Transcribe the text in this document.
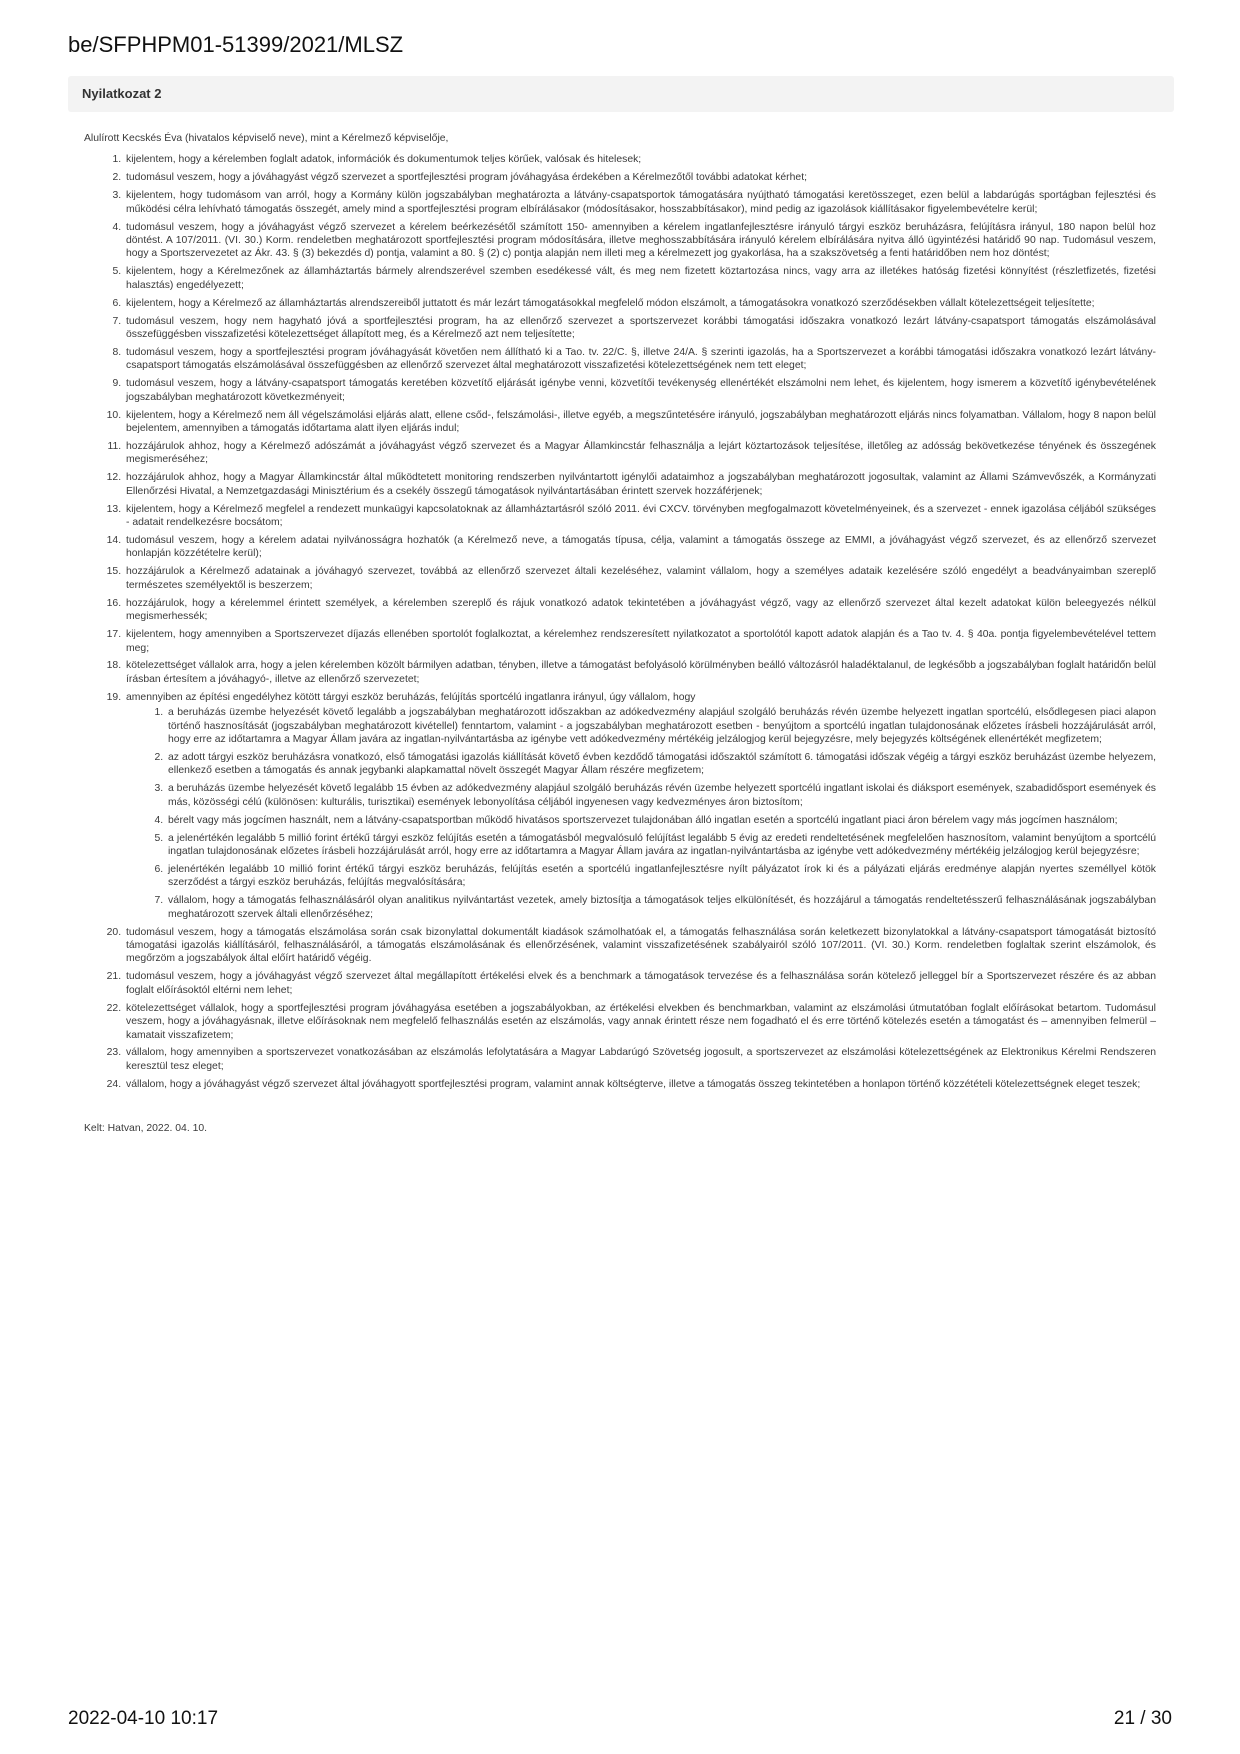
be/SFPHPM01-51399/2021/MLSZ
Nyilatkozat 2

Alulírott Kecskés Éva (hivatalos képviselő neve), mint a Kérelmező képviselője,

1. kijelentem, hogy a kérelemben foglalt adatok, információk és dokumentumok teljes körűek, valósak és hitelesek;
2. tudomásul veszem, hogy a jóváhagyást végző szervezet a sportfejlesztési program jóváhagyása érdekében a Kérelmezőtől további adatokat kérhet;
3. kijelentem, hogy tudomásom van arról, hogy a Kormány külön jogszabályban meghatározta a látvány-csapatsportok támogatására nyújtható támogatási keretösszeget, ezen belül a labdarúgás sportágban fejlesztési és működési célra lehívható támogatás összegét, amely mind a sportfejlesztési program elbírálásakor (módosításakor, hosszabbításakor), mind pedig az igazolások kiállításakor figyelembevételre kerül;
4. tudomásul veszem, hogy a jóváhagyást végző szervezet a kérelem beérkezésétől számított 150- amennyiben a kérelem ingatlanfejlesztésre irányuló tárgyi eszköz beruházásra, felújításra irányul, 180 napon belül hoz döntést. A 107/2011. (VI. 30.) Korm. rendeletben meghatározott sportfejlesztési program módosítására, illetve meghosszabbítására irányuló kérelem elbírálására nyitva álló ügyintézési határidő 90 nap. Tudomásul veszem, hogy a Sportszervezetet az Ákr. 43. § (3) bekezdés d) pontja, valamint a 80. § (2) c) pontja alapján nem illeti meg a kérelmezett jog gyakorlása, ha a szakszövetség a fenti határidőben nem hoz döntést;
5. kijelentem, hogy a Kérelmezőnek az államháztartás bármely alrendszerével szemben esedékessé vált, és meg nem fizetett köztartozása nincs, vagy arra az illetékes hatóság fizetési könnyítést (részletfizetés, fizetési halasztás) engedélyezett;
6. kijelentem, hogy a Kérelmező az államháztartás alrendszereiből juttatott és már lezárt támogatásokkal megfelelő módon elszámolt, a támogatásokra vonatkozó szerződésekben vállalt kötelezettségeit teljesítette;
7. tudomásul veszem, hogy nem hagyható jóvá a sportfejlesztési program, ha az ellenőrző szervezet a sportszervezet korábbi támogatási időszakra vonatkozó lezárt látvány-csapatsport támogatás elszámolásával összefüggésben visszafizetési kötelezettséget állapított meg, és a Kérelmező azt nem teljesítette;
8. tudomásul veszem, hogy a sportfejlesztési program jóváhagyását követően nem állítható ki a Tao. tv. 22/C. §, illetve 24/A. § szerinti igazolás, ha a Sportszervezet a korábbi támogatási időszakra vonatkozó lezárt látvány-csapatsport támogatás elszámolásával összefüggésben az ellenőrző szervezet által meghatározott visszafizetési kötelezettségének nem tett eleget;
9. tudomásul veszem, hogy a látvány-csapatsport támogatás keretében közvetítő eljárását igénybe venni, közvetítői tevékenység ellenértékét elszámolni nem lehet, és kijelentem, hogy ismerem a közvetítő igénybevételének jogszabályban meghatározott következményeit;
10. kijelentem, hogy a Kérelmező nem áll végelszámolási eljárás alatt, ellene csőd-, felszámolási-, illetve egyéb, a megszűntetésére irányuló, jogszabályban meghatározott eljárás nincs folyamatban. Vállalom, hogy 8 napon belül bejelentem, amennyiben a támogatás időtartama alatt ilyen eljárás indul;
11. hozzájárulok ahhoz, hogy a Kérelmező adószámát a jóváhagyást végző szervezet és a Magyar Államkincstár felhasználja a lejárt köztartozások teljesítése, illetőleg az adósság bekövetkezése tényének és összegének megismeréséhez;
12. hozzájárulok ahhoz, hogy a Magyar Államkincstár által működtetett monitoring rendszerben nyilvántartott igénylői adataimhoz a jogszabályban meghatározott jogosultak, valamint az Állami Számvevőszék, a Kormányzati Ellenőrzési Hivatal, a Nemzetgazdasági Minisztérium és a csekély összegű támogatások nyilvántartásában érintett szervek hozzáférjenek;
13. kijelentem, hogy a Kérelmező megfelel a rendezett munkaügyi kapcsolatoknak az államháztartásról szóló 2011. évi CXCV. törvényben megfogalmazott követelményeinek, és a szervezet - ennek igazolása céljából szükséges - adatait rendelkezésre bocsátom;
14. tudomásul veszem, hogy a kérelem adatai nyilvánosságra hozhatók (a Kérelmező neve, a támogatás típusa, célja, valamint a támogatás összege az EMMI, a jóváhagyást végző szervezet, és az ellenőrző szervezet honlapján közzétételre kerül);
15. hozzájárulok a Kérelmező adatainak a jóváhagyó szervezet, továbbá az ellenőrző szervezet általi kezeléséhez, valamint vállalom, hogy a személyes adataik kezelésére szóló engedélyt a beadványaimban szereplő természetes személyektől is beszerzem;
16. hozzájárulok, hogy a kérelemmel érintett személyek, a kérelemben szereplő és rájuk vonatkozó adatok tekintetében a jóváhagyást végző, vagy az ellenőrző szervezet által kezelt adatokat külön beleegyezés nélkül megismerhessék;
17. kijelentem, hogy amennyiben a Sportszervezet díjazás ellenében sportolót foglalkoztat, a kérelemhez rendszeresített nyilatkozatot a sportolótól kapott adatok alapján és a Tao tv. 4. § 40a. pontja figyelembevételével tettem meg;
18. kötelezettséget vállalok arra, hogy a jelen kérelemben közölt bármilyen adatban, tényben, illetve a támogatást befolyásoló körülményben beálló változásról haladéktalanul, de legkésőbb a jogszabályban foglalt határidőn belül írásban értesítem a jóváhagyó-, illetve az ellenőrző szervezetet;
19. amennyiben az építési engedélyhez kötött tárgyi eszköz beruházás, felújítás sportcélú ingatlanra irányul, úgy vállalom, hogy
1. a beruházás üzembe helyezését követő legalább a jogszabályban meghatározott időszakban az adókedvezmény alapjául szolgáló beruházás révén üzembe helyezett ingatlan sportcélú, elsődlegesen piaci alapon történő hasznosítását (jogszabályban meghatározott kivétellel) fenntartom, valamint - a jogszabályban meghatározott esetben - benyújtom a sportcélú ingatlan tulajdonosának előzetes írásbeli hozzájárulását arról, hogy erre az időtartamra a Magyar Állam javára az ingatlan-nyilvántartásba az igénybe vett adókedvezmény mértékéig jelzálogjog kerül bejegyzésre, mely bejegyzés költségének ellenértékét megfizetem;
2. az adott tárgyi eszköz beruházásra vonatkozó, első támogatási igazolás kiállítását követő évben kezdődő támogatási időszaktól számított 6. támogatási időszak végéig a tárgyi eszköz beruházást üzembe helyezem, ellenkező esetben a támogatás és annak jegybanki alapkamattal növelt összegét Magyar Állam részére megfizetem;
3. a beruházás üzembe helyezését követő legalább 15 évben az adókedvezmény alapjául szolgáló beruházás révén üzembe helyezett sportcélú ingatlant iskolai és diáksport események, szabadidősport események és más, közösségi célú (különösen: kulturális, turisztikai) események lebonyolítása céljából ingyenesen vagy kedvezményes áron biztosítom;
4. bérelt vagy más jogcímen használt, nem a látvány-csapatsportban működő hivatásos sportszervezet tulajdonában álló ingatlan esetén a sportcélú ingatlant piaci áron bérelem vagy más jogcímen használom;
5. a jelenértékén legalább 5 millió forint értékű tárgyi eszköz felújítás esetén a támogatásból megvalósuló felújítást legalább 5 évig az eredeti rendeltetésének megfelelően hasznosítom, valamint benyújtom a sportcélú ingatlan tulajdonosának előzetes írásbeli hozzájárulását arról, hogy erre az időtartamra a Magyar Állam javára az ingatlan-nyilvántartásba az igénybe vett adókedvezmény mértékéig jelzálogjog kerül bejegyzésre;
6. jelenértékén legalább 10 millió forint értékű tárgyi eszköz beruházás, felújítás esetén a sportcélú ingatlanfejlesztésre nyílt pályázatot írok ki és a pályázati eljárás eredménye alapján nyertes személlyel kötök szerződést a tárgyi eszköz beruházás, felújítás megvalósítására;
7. vállalom, hogy a támogatás felhasználásáról olyan analitikus nyilvántartást vezetek, amely biztosítja a támogatások teljes elkülönítését, és hozzájárul a támogatás rendeltetésszerű felhasználásának jogszabályban meghatározott szervek általi ellenőrzéséhez;
20. tudomásul veszem, hogy a támogatás elszámolása során csak bizonylattal dokumentált kiadások számolhatóak el, a támogatás felhasználása során keletkezett bizonylatokkal a látvány-csapatsport támogatását biztosító támogatási igazolás kiállításáról, felhasználásáról, a támogatás elszámolásának és ellenőrzésének, valamint visszafizetésének szabályairól szóló 107/2011. (VI. 30.) Korm. rendeletben foglaltak szerint elszámolok, és megőrzöm a jogszabályok által előírt határidő végéig.
21. tudomásul veszem, hogy a jóváhagyást végző szervezet által megállapított értékelési elvek és a benchmark a támogatások tervezése és a felhasználása során kötelező jelleggel bír a Sportszervezet részére és az abban foglalt előírásoktól eltérni nem lehet;
22. kötelezettséget vállalok, hogy a sportfejlesztési program jóváhagyása esetében a jogszabályokban, az értékelési elvekben és benchmarkban, valamint az elszámolási útmutatóban foglalt előírásokat betartom. Tudomásul veszem, hogy a jóváhagyásnak, illetve előírásoknak nem megfelelő felhasználás esetén az elszámolás, vagy annak érintett része nem fogadható el és erre történő kötelezés esetén a támogatást és – amennyiben felmerül – kamatait visszafizetem;
23. vállalom, hogy amennyiben a sportszervezet vonatkozásában az elszámolás lefolytatására a Magyar Labdarúgó Szövetség jogosult, a sportszervezet az elszámolási kötelezettségének az Elektronikus Kérelmi Rendszeren keresztül tesz eleget;
24. vállalom, hogy a jóváhagyást végző szervezet által jóváhagyott sportfejlesztési program, valamint annak költségterve, illetve a támogatás összeg tekintetében a honlapon történő közzétételi kötelezettségnek eleget teszek;

Kelt: Hatvan, 2022. 04. 10.

2022-04-10 10:17	21 / 30
